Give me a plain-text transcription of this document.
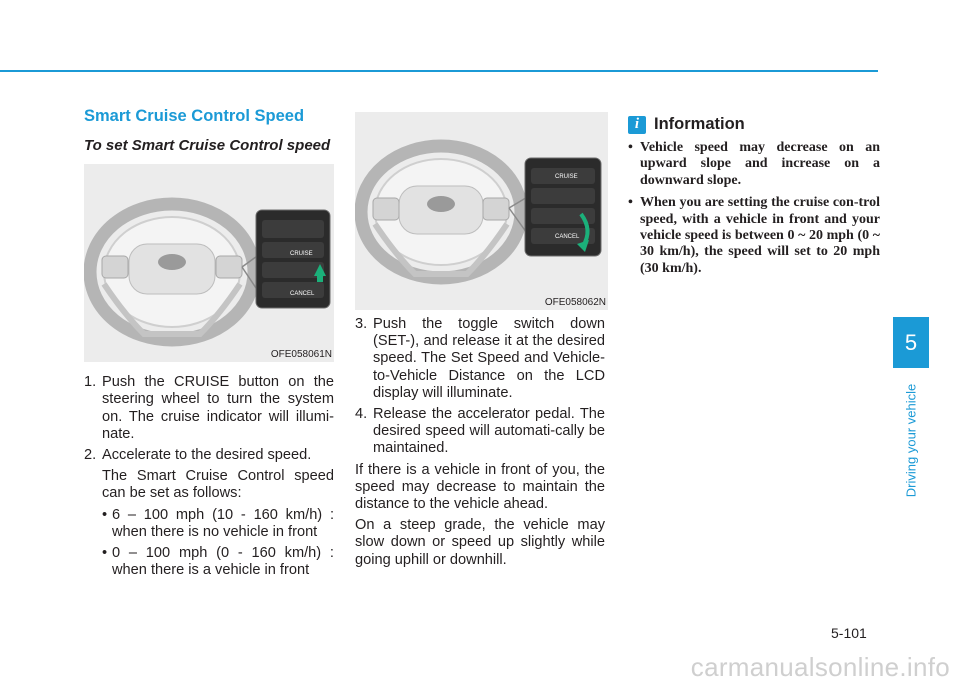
Smart Cruise Control Speed
To set Smart Cruise Control speed
CRUISE
CANCEL
OFE058061N
1. Push the CRUISE button on the steering wheel to turn the system on. The cruise indicator will illumi-nate.
2. Accelerate to the desired speed.
The Smart Cruise Control speed can be set as follows:
• 6 – 100 mph (10 - 160 km/h) : when there is no vehicle in front
• 0 – 100 mph (0 - 160 km/h) : when there is a vehicle in front
CRUISE
CANCEL
OFE058062N
3. Push the toggle switch down (SET-), and release it at the desired speed. The Set Speed and Vehicle-to-Vehicle Distance on the LCD display will illuminate.
4. Release the accelerator pedal. The desired speed will automati-cally be maintained.
If there is a vehicle in front of you, the speed may decrease to maintain the distance to the vehicle ahead.
On a steep grade, the vehicle may slow down or speed up slightly while going uphill or downhill.
i Information
• Vehicle speed may decrease on an upward slope and increase on a downward slope.
• When you are setting the cruise con-trol speed, with a vehicle in front and your vehicle speed is between 0 ~ 20 mph (0 ~ 30 km/h), the speed will set to 20 mph (30 km/h).
5
Driving your vehicle
5-101
carmanualsonline.info
